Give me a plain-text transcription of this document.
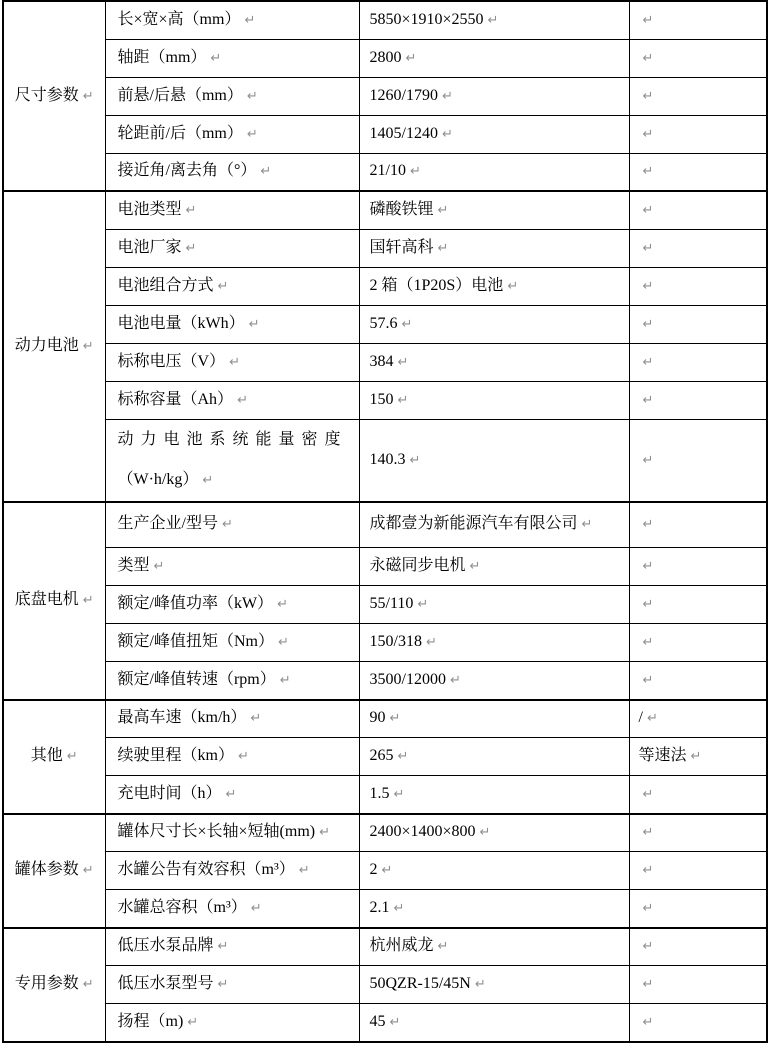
尺寸参数 ↵	长×宽×高（mm） ↵	5850×1910×2550 ↵	↵
	轴距（mm） ↵	2800 ↵	↵
	前悬/后悬（mm） ↵	1260/1790 ↵	↵
	轮距前/后（mm） ↵	1405/1240 ↵	↵
	接近角/离去角（°） ↵	21/10 ↵	↵
动力电池 ↵	电池类型 ↵	磷酸铁锂 ↵	↵
	电池厂家 ↵	国轩高科 ↵	↵
	电池组合方式 ↵	2 箱（1P20S）电池 ↵	↵
	电池电量（kWh） ↵	57.6 ↵	↵
	标称电压（V） ↵	384 ↵	↵
	标称容量（Ah） ↵	150 ↵	↵

	动力电池系统能量密度
（W·h/kg） ↵	140.3 ↵	↵
底盘电机 ↵	生产企业/型号 ↵	成都壹为新能源汽车有限公司 ↵	↵
	类型 ↵	永磁同步电机 ↵	↵
	额定/峰值功率（kW） ↵	55/110 ↵	↵
	额定/峰值扭矩（Nm） ↵	150/318 ↵	↵
	额定/峰值转速（rpm） ↵	3500/12000 ↵	↵
其他 ↵	最高车速（km/h） ↵	90 ↵	/ ↵
	续驶里程（km） ↵	265 ↵	等速法 ↵
	充电时间（h） ↵	1.5 ↵	↵
罐体参数 ↵	罐体尺寸长×长轴×短轴(mm) ↵	2400×1400×800 ↵	↵
	水罐公告有效容积（m³） ↵	2 ↵	↵
	水罐总容积（m³） ↵	2.1 ↵	↵
专用参数 ↵	低压水泵品牌 ↵	杭州威龙 ↵	↵
	低压水泵型号 ↵	50QZR-15/45N ↵	↵
	扬程（m) ↵	45 ↵	↵
